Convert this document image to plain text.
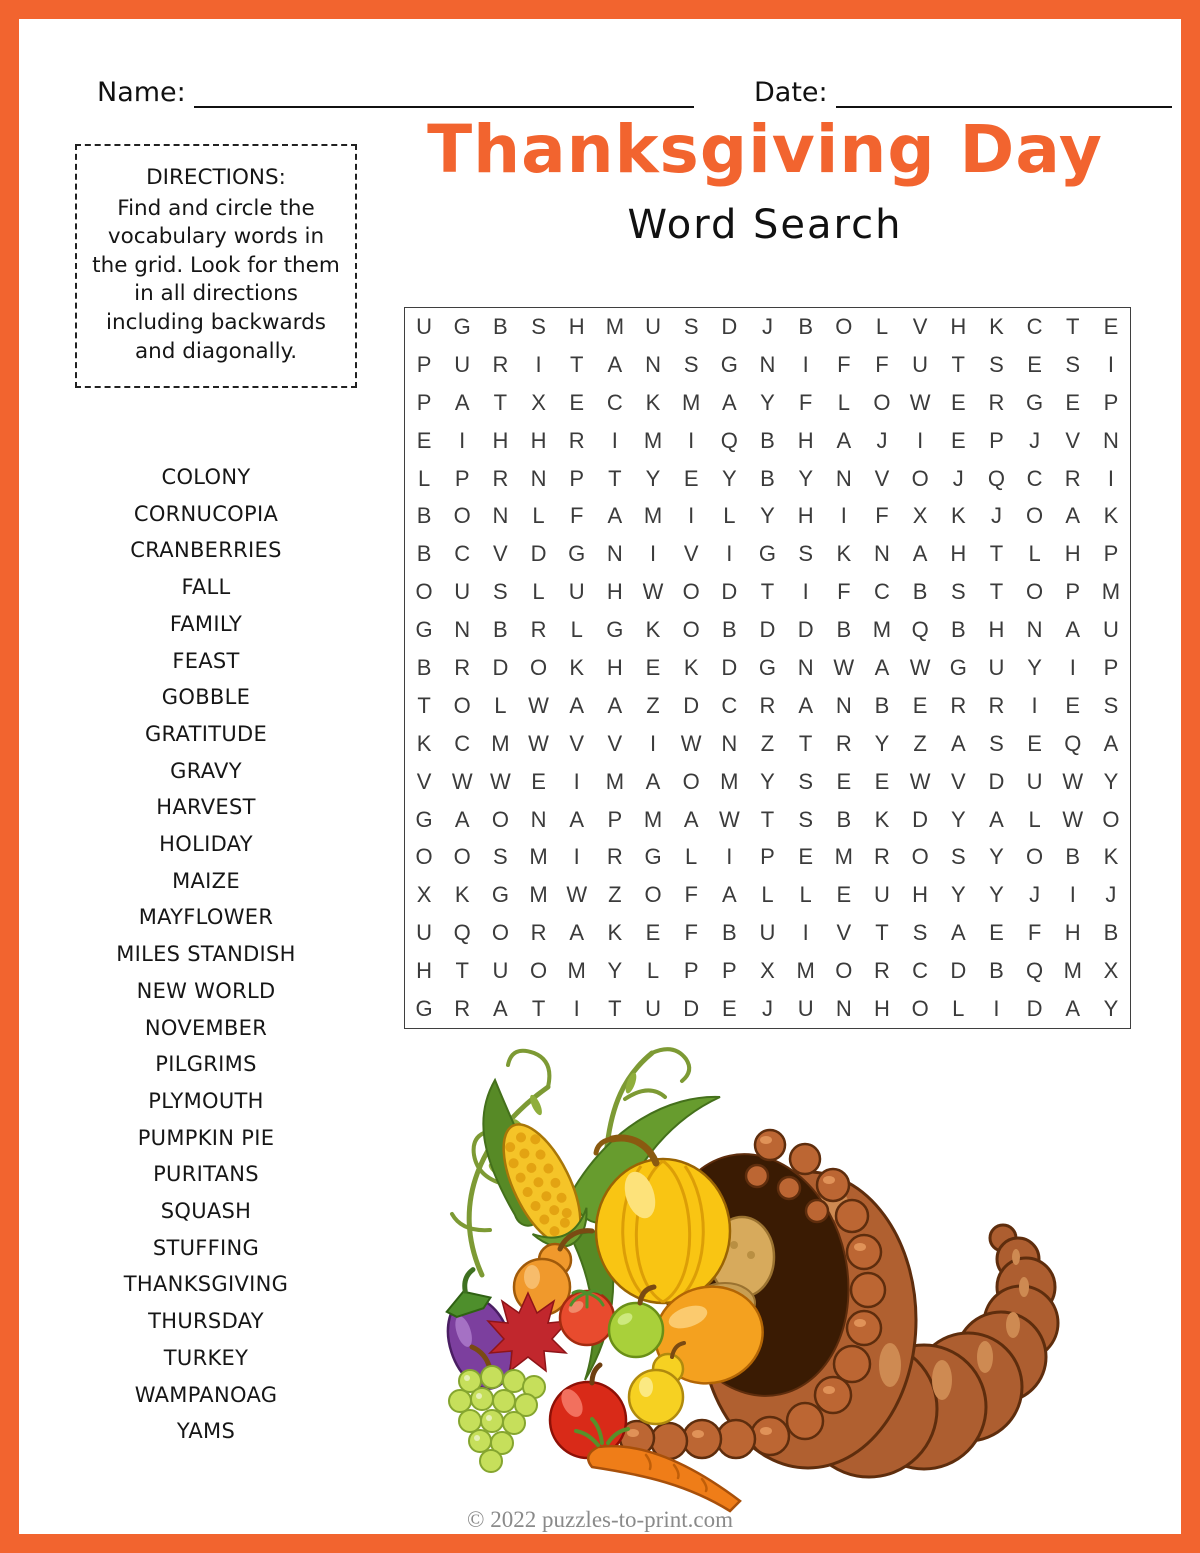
Name:	Date:
Thanksgiving Day
Word Search
DIRECTIONS:
Find and circle the vocabulary words in the grid. Look for them in all directions including backwards and diagonally.
COLONY
CORNUCOPIA
CRANBERRIES
FALL
FAMILY
FEAST
GOBBLE
GRATITUDE
GRAVY
HARVEST
HOLIDAY
MAIZE
MAYFLOWER
MILES STANDISH
NEW WORLD
NOVEMBER
PILGRIMS
PLYMOUTH
PUMPKIN PIE
PURITANS
SQUASH
STUFFING
THANKSGIVING
THURSDAY
TURKEY
WAMPANOAG
YAMS
U G	B	S	H M U	S	D	J	B	O	L	V	H	K	C	T	E
P	U	R	I	T	A	N	S	G N	I	F	F	U	T	S	E	S	I
P	A	T	X	E	C	K M A	Y	F	L	O W E	R G	E	P
E	I	H	H	R	I	M	I	Q	B	H	A	J	I	E	P	J	V	N
L	P	R	N	P	T	Y	E	Y	B	Y	N	V	O	J	Q C	R	I
B	O N	L	F	A M	I	L	Y	H	I	F	X	K	J	O	A	K
B	C	V	D G N	I	V	I	G	S	K	N	A	H	T	L	H	P
O U	S	L	U	H W O D	T	I	F	C	B	S	T	O	P M
G N	B	R	L	G	K	O	B	D	D	B M Q	B	H	N	A	U
B	R	D O	K	H	E	K	D G N W A W G U	Y	I	P
T	O	L W A	A	Z	D	C	R	A	N	B	E	R	R	I	E	S
K	C M W V	V	I	W N	Z	T	R	Y	Z	A	S	E	Q	A
V W W E	I	M A	O M Y	S	E	E W V	D	U W Y
G	A	O N	A	P M A W T	S	B	K	D	Y	A	L W O
O O	S M	I	R G	L	I	P	E M R O	S	Y	O	B	K
X	K	G M W Z	O	F	A	L	L	E	U	H	Y	Y	J	I	J
U Q O R	A	K	E	F	B	U	I	V	T	S	A	E	F	H	B
H	T	U O M Y	L	P	P	X M O R	C	D	B	Q M X
G R	A	T	I	T	U	D	E	J	U	N	H O	L	I	D	A	Y
© 2022 puzzles-to-print.com
